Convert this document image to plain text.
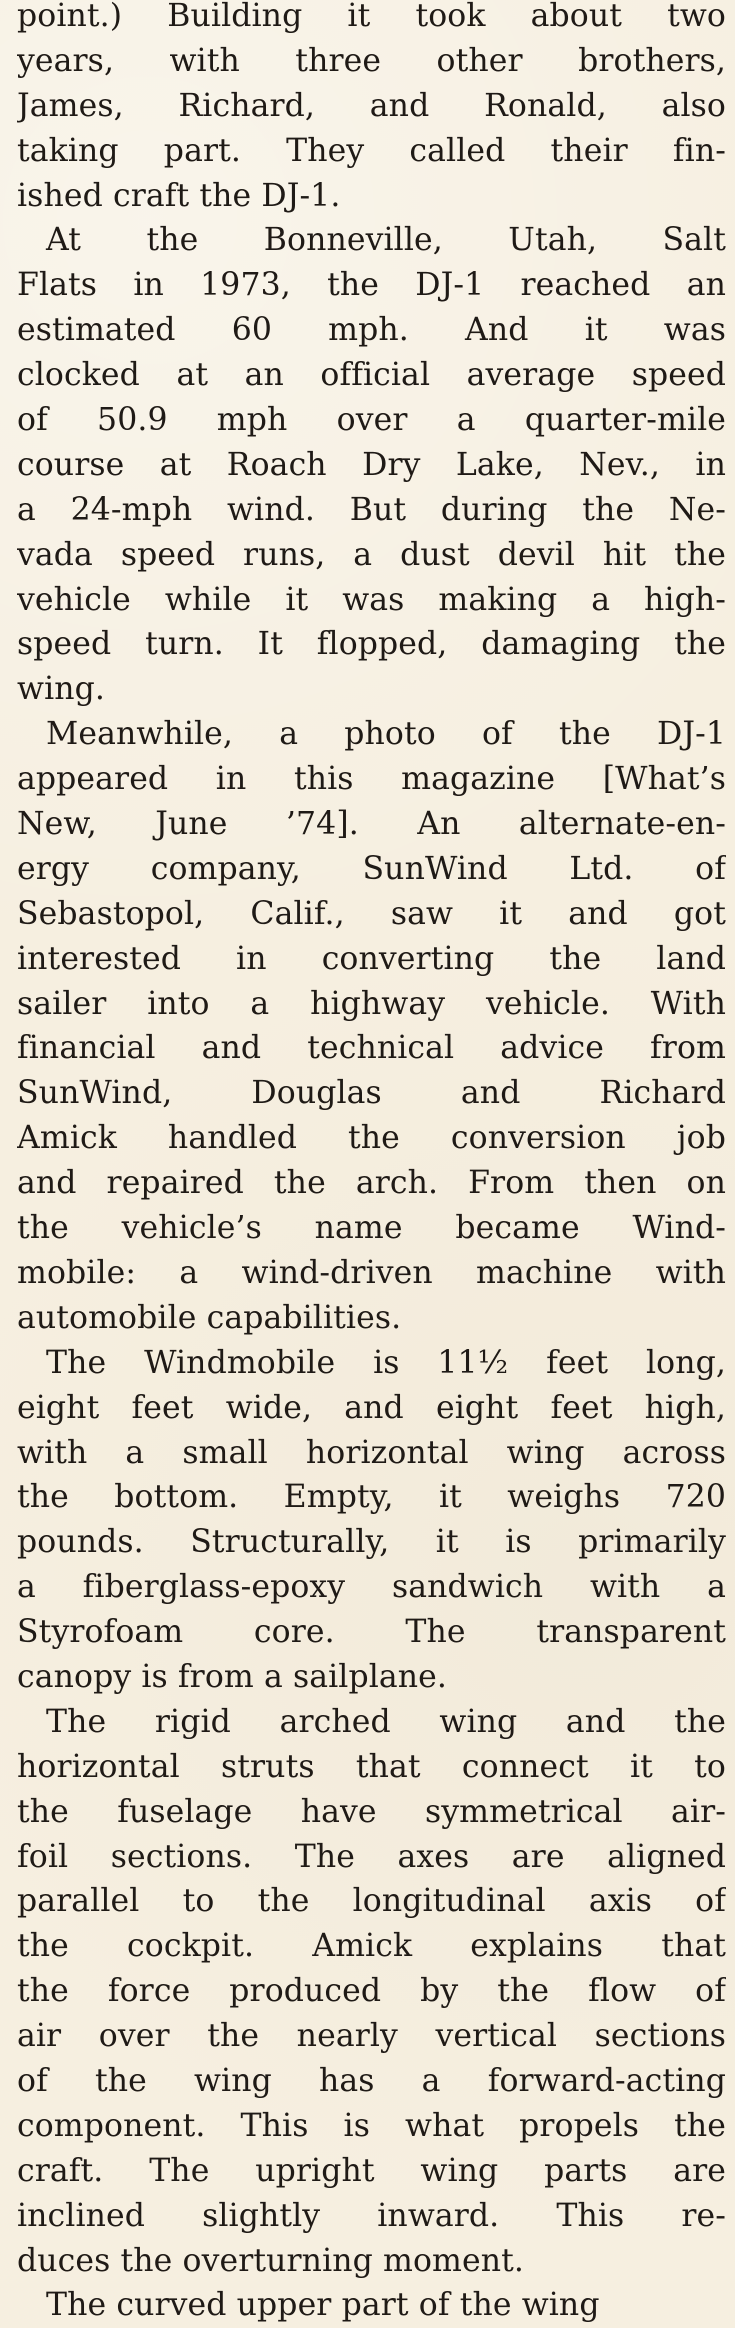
point.) Building it took about two
years, with three other brothers,
James, Richard, and Ronald, also
taking part. They called their fin-
ished craft the DJ-1.
At the Bonneville, Utah, Salt
Flats in 1973, the DJ-1 reached an
estimated 60 mph. And it was
clocked at an official average speed
of 50.9 mph over a quarter-mile
course at Roach Dry Lake, Nev., in
a 24-mph wind. But during the Ne-
vada speed runs, a dust devil hit the
vehicle while it was making a high-
speed turn. It flopped, damaging the
wing.
Meanwhile, a photo of the DJ-1
appeared in this magazine [What’s
New, June ’74]. An alternate-en-
ergy company, SunWind Ltd. of
Sebastopol, Calif., saw it and got
interested in converting the land
sailer into a highway vehicle. With
financial and technical advice from
SunWind, Douglas and Richard
Amick handled the conversion job
and repaired the arch. From then on
the vehicle’s name became Wind-
mobile: a wind-driven machine with
automobile capabilities.
The Windmobile is 11½ feet long,
eight feet wide, and eight feet high,
with a small horizontal wing across
the bottom. Empty, it weighs 720
pounds. Structurally, it is primarily
a fiberglass-epoxy sandwich with a
Styrofoam core. The transparent
canopy is from a sailplane.
The rigid arched wing and the
horizontal struts that connect it to
the fuselage have symmetrical air-
foil sections. The axes are aligned
parallel to the longitudinal axis of
the cockpit. Amick explains that
the force produced by the flow of
air over the nearly vertical sections
of the wing has a forward-acting
component. This is what propels the
craft. The upright wing parts are
inclined slightly inward. This re-
duces the overturning moment.
The curved upper part of the wing
